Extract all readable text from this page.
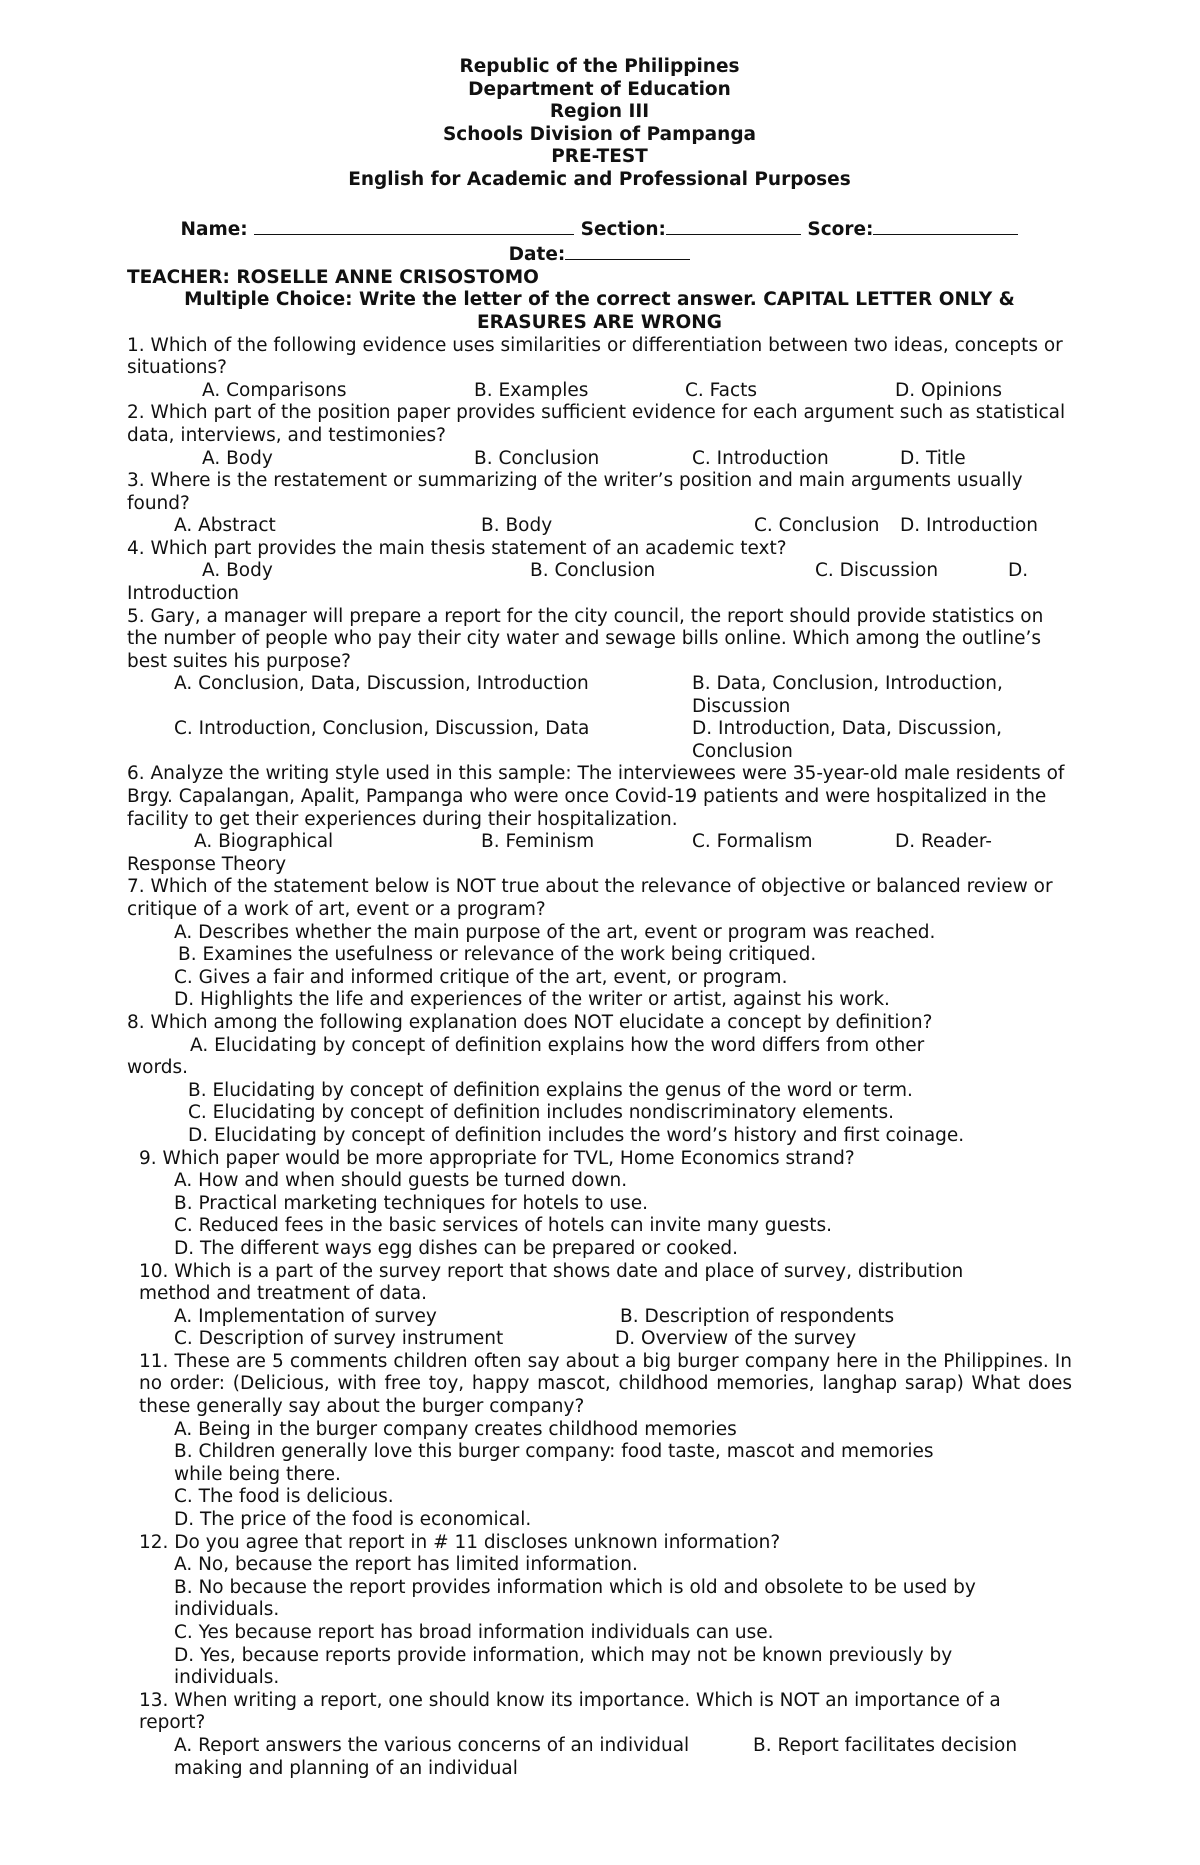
Republic of the Philippines
Department of Education
Region III
Schools Division of Pampanga
PRE-TEST
English for Academic and Professional Purposes
Name:	Section:	Score:
Date:
TEACHER: ROSELLE ANNE CRISOSTOMO
Multiple Choice: Write the letter of the correct answer. CAPITAL LETTER ONLY & ERASURES ARE WRONG
1. Which of the following evidence uses similarities or differentiation between two ideas, concepts or situations?
A. Comparisons	B. Examples	C. Facts	D. Opinions
2. Which part of the position paper provides sufficient evidence for each argument such as statistical data, interviews, and testimonies?
A. Body	B. Conclusion	C. Introduction	D. Title
3. Where is the restatement or summarizing of the writer’s position and main arguments usually found?
A. Abstract	B. Body	C. Conclusion D. Introduction
4. Which part provides the main thesis statement of an academic text?
A. Body	B. Conclusion	C. Discussion	D.
Introduction
5. Gary, a manager will prepare a report for the city council, the report should provide statistics on the number of people who pay their city water and sewage bills online. Which among the outline’s best suites his purpose?
A. Conclusion, Data, Discussion, Introduction	B. Data, Conclusion, Introduction, Discussion
C. Introduction, Conclusion, Discussion, Data	D. Introduction, Data, Discussion, Conclusion
6. Analyze the writing style used in this sample: The interviewees were 35-year-old male residents of Brgy. Capalangan, Apalit, Pampanga who were once Covid-19 patients and were hospitalized in the facility to get their experiences during their hospitalization.
A. Biographical	B. Feminism	C. Formalism	D. Reader-
Response Theory
7. Which of the statement below is NOT true about the relevance of objective or balanced review or critique of a work of art, event or a program?
A. Describes whether the main purpose of the art, event or program was reached.
B. Examines the usefulness or relevance of the work being critiqued.
C. Gives a fair and informed critique of the art, event, or program.
D. Highlights the life and experiences of the writer or artist, against his work.
8. Which among the following explanation does NOT elucidate a concept by definition?
A. Elucidating by concept of definition explains how the word differs from other words.
B. Elucidating by concept of definition explains the genus of the word or term.
C. Elucidating by concept of definition includes nondiscriminatory elements.
D. Elucidating by concept of definition includes the word’s history and first coinage.
9. Which paper would be more appropriate for TVL, Home Economics strand?
A. How and when should guests be turned down.
B. Practical marketing techniques for hotels to use.
C. Reduced fees in the basic services of hotels can invite many guests.
D. The different ways egg dishes can be prepared or cooked.
10. Which is a part of the survey report that shows date and place of survey, distribution method and treatment of data.
A. Implementation of survey	B. Description of respondents
C. Description of survey instrument	D. Overview of the survey
11. These are 5 comments children often say about a big burger company here in the Philippines. In no order: (Delicious, with free toy, happy mascot, childhood memories, langhap sarap) What does these generally say about the burger company?
A. Being in the burger company creates childhood memories
B. Children generally love this burger company: food taste, mascot and memories while being there.
C. The food is delicious.
D. The price of the food is economical.
12. Do you agree that report in # 11 discloses unknown information?
A. No, because the report has limited information.
B. No because the report provides information which is old and obsolete to be used by individuals.
C. Yes because report has broad information individuals can use.
D. Yes, because reports provide information, which may not be known previously by individuals.
13. When writing a report, one should know its importance. Which is NOT an importance of a report?
A. Report answers the various concerns of an individual	B. Report facilitates decision
making and planning of an individual
